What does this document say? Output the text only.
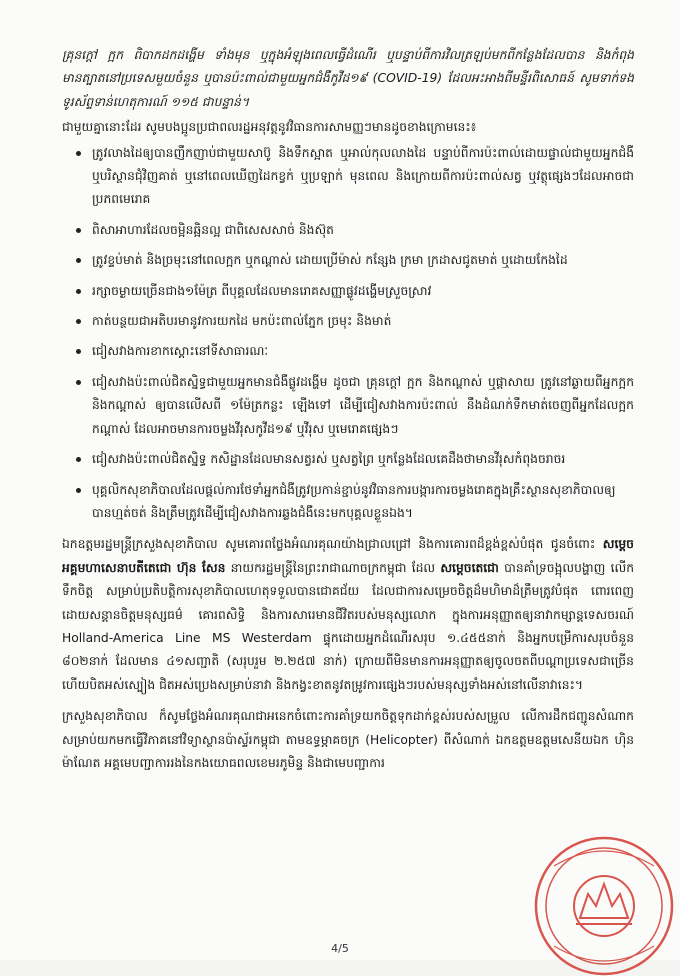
គ្រុនក្តៅ ក្អក ពិបាកដកដង្ហើម ទាំងមុន ឬក្នុងអំឡុងពេលធ្វើដំណើរ ឬបន្ទាប់ពីការវិលត្រឡប់មកពីកន្លែងដែលបាន និងកំពុងមានត្បាតនៅប្រទេសមួយចំនួន ឬបានប៉ះពាល់ជាមួយអ្នកជំងឺកូវីដ១៩ (COVID-19) ដែលអះអាងពីមន្ទីរពិសោធន៍ សូមទាក់ទងទូរស័ព្ទទាន់ហេតុការណ៍ ១១៥ ជាបន្ទាន់។

ជាមួយគ្នានោះដែរ សូមបងប្អូនប្រជាពលរដ្ឋអនុវត្តនូវវិធានការសាមញ្ញៗមានដូចខាងក្រោមនេះ៖

ត្រូវលាងដៃឲ្យបានញឹកញាប់ជាមួយសាប៊ូ និងទឹកស្អាត ឬអាល់កុលលាងដៃ បន្ទាប់ពីការប៉ះពាល់ដោយផ្ទាល់ជាមួយអ្នកជំងឺ ឬបរិស្ថានជុំវិញគាត់ ឬនៅពេលឃើញដៃកខ្វក់ ឬប្រឡាក់ មុនពេល និងក្រោយពីការប៉ះពាល់សត្វ ឬវត្ថុផ្សេងៗដែលអាចជាប្រភពមេរោគ
ពិសាអាហារដែលចម្អិនឆ្អិនល្អ ជាពិសេសសាច់ និងស៊ុត
ត្រូវខ្ទប់មាត់ និងច្រមុះនៅពេលក្អក ឬកណ្តាស់ ដោយប្រើម៉ាស់ កន្សែង ក្រមា ក្រដាសជូតមាត់ ឬដោយកែងដៃ
រក្សាចម្ងាយច្រើនជាង១ម៉ែត្រ ពីបុគ្គលដែលមានរោគសញ្ញាផ្លូវដង្ហើមស្រួចស្រាវ
កាត់បន្ថយជាអតិបរមានូវការយកដៃ មកប៉ះពាល់ភ្នែក ច្រមុះ និងមាត់
ជៀសវាងការខាកស្តោះនៅទីសាធារណៈ
ជៀសវាងប៉ះពាល់ជិតស្និទ្ធជាមួយអ្នកមានជំងឺផ្លូវដង្ហើម ដូចជា គ្រុនក្តៅ ក្អក និងកណ្តាស់ ឬផ្តាសាយ ត្រូវនៅឆ្ងាយពីអ្នកក្អក និងកណ្តាស់ ឲ្យបានលើសពី ១ម៉ែត្រកន្លះ ឡើងទៅ ដើម្បីជៀសវាងការប៉ះពាល់ នឹងដំណក់ទឹកមាត់ចេញពីអ្នកដែលក្អក កណ្តាស់ ដែលអាចមានការចម្លងវីរុសកូវីដ១៩ ឬវីរុស ឬមេរោគផ្សេងៗ
ជៀសវាងប៉ះពាល់ជិតស្និទ្ធ កសិដ្ឋានដែលមានសត្វរស់ ឬសត្វព្រៃ ឬកន្លែងដែលគេដឹងថាមានវីរុសកំពុងចរាចរ
បុគ្គលិកសុខាភិបាលដែលផ្តល់ការថែទាំអ្នកជំងឺត្រូវប្រកាន់ខ្ជាប់នូវវិធានការបង្ការការចម្លងរោគក្នុងគ្រឹះស្ថានសុខាភិបាលឲ្យបានហ្មត់ចត់ និងត្រឹមត្រូវដើម្បីជៀសវាងការឆ្លងជំងឺនេះមកបុគ្គលខ្លួនឯង។

ឯកឧត្តមរដ្ឋមន្ត្រីក្រសួងសុខាភិបាល សូមគោរពថ្លែងអំណរគុណយ៉ាងជ្រាលជ្រៅ និងការគោរពដ៏ខ្ពង់ខ្ពស់បំផុត ជូនចំពោះ សម្តេចអគ្គមហាសេនាបតីតេជោ ហ៊ុន សែន នាយករដ្ឋមន្ត្រីនៃព្រះរាជាណាចក្រកម្ពុជា ដែល សម្តេចតេជោ បានគាំទ្រចង្អុលបង្ហាញ លើកទឹកចិត្ត សម្រាប់ប្រតិបត្តិការសុខាភិបាលហេតុទទួលបានជោគជ័យ ដែលជាការសម្រេចចិត្តដ៏មហិមាដ៏ត្រឹមត្រូវបំផុត ពោរពេញដោយសន្តានចិត្តមនុស្សធម៌ គោរពសិទ្ធិ និងការសារេមានជីវិតរបស់មនុស្សលោក ក្នុងការអនុញ្ញាតឲ្យនាវាកម្សាន្តទេសចរណ៍ Holland-America Line MS Westerdam ផ្ទុកដោយអ្នកដំណើរសរុប ១.៤៥៥នាក់ និងអ្នកបម្រើការសរុបចំនួន ៨០២នាក់ ដែលមាន ៤១សញ្ជាតិ (សរុបរួម ២.២៥៧ នាក់) ក្រោយពីមិនមានការអនុញ្ញាតឲ្យចូលចតពីបណ្តាប្រទេសជាច្រើន ហើយបិតអស់ស្បៀង ជិតអស់ប្រេងសម្រាប់នាវា និងកង្វះខាតនូវតម្រូវការផ្សេងៗរបស់មនុស្សទាំងអស់នៅលើនាវានេះ។

ក្រសួងសុខាភិបាល ក៏សូមថ្លែងអំណរគុណជាអនេកចំពោះការគាំទ្រយកចិត្តទុកដាក់ខ្ពស់របស់សម្រួល លើការដឹកជញ្ជូនសំណាកសម្រាប់យកមកធ្វើវិភាគនៅវិទ្យាស្ថានប៉ាស្ទ័រកម្ពុជា តាមឧទ្ធម្ភាគចក្រ (Helicopter) ពីសំណាក់ ឯកឧត្តមឧត្តមសេនីយឯក ហ៊ិន ម៉ាណែត អគ្គមេបញ្ជាការរងនៃកងយោធពលខេមរភូមិន្ទ និងជាមេបញ្ជាការ

4/5
